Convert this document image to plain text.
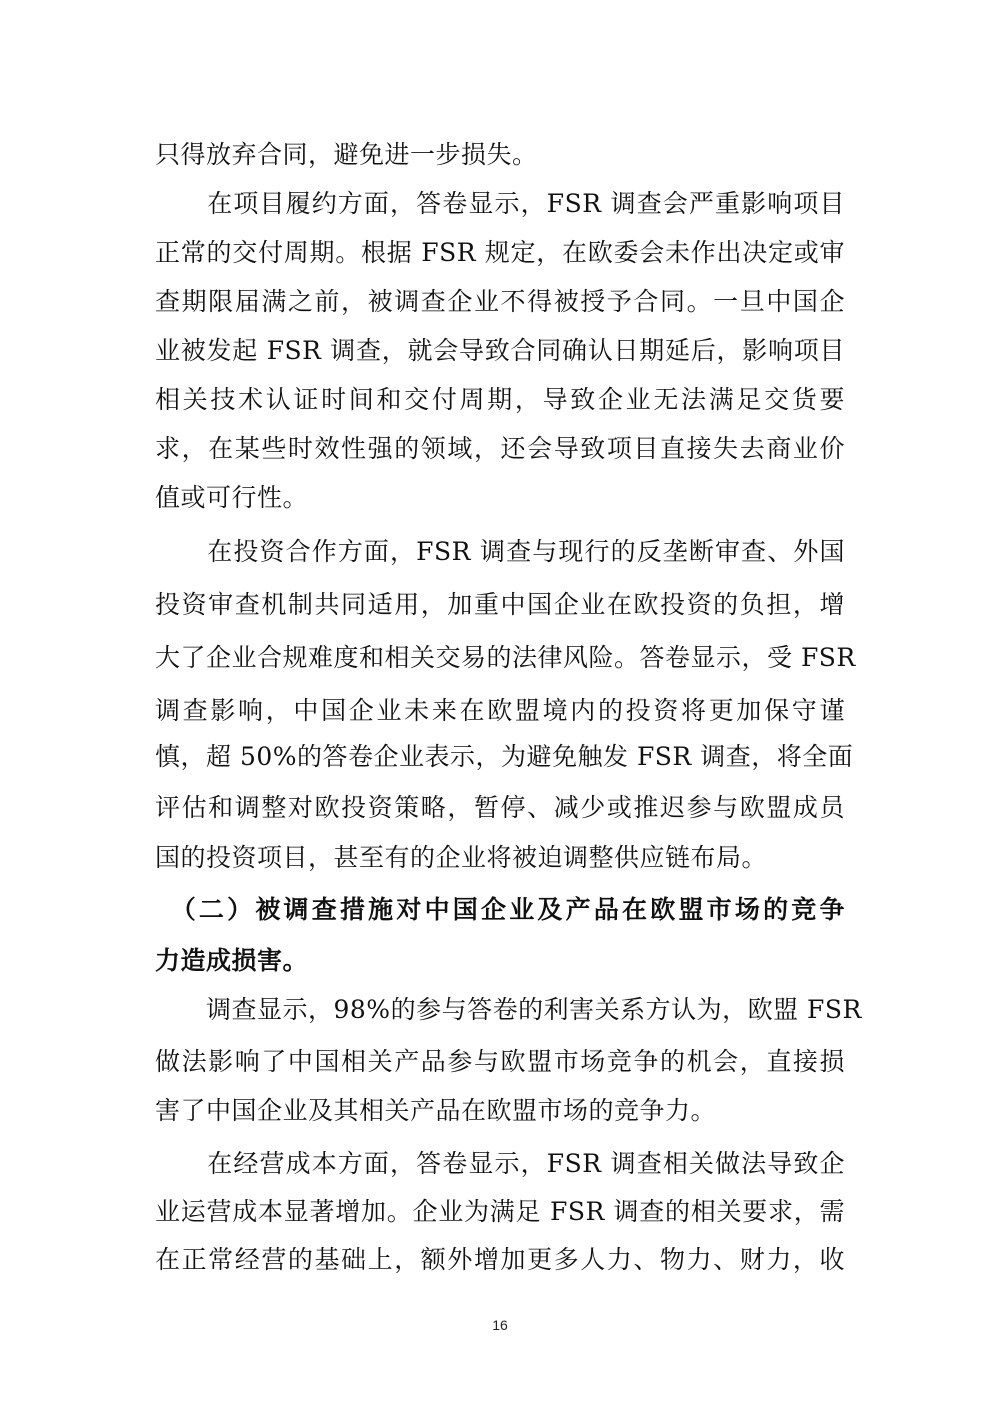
只得放弃合同，避免进一步损失。
　　在项目履约方面，答卷显示，FSR 调查会严重影响项目
正常的交付周期。根据 FSR 规定，在欧委会未作出决定或审
查期限届满之前，被调查企业不得被授予合同。一旦中国企
业被发起 FSR 调查，就会导致合同确认日期延后，影响项目
相关技术认证时间和交付周期，导致企业无法满足交货要
求，在某些时效性强的领域，还会导致项目直接失去商业价
值或可行性。
　　在投资合作方面，FSR 调查与现行的反垄断审查、外国
投资审查机制共同适用，加重中国企业在欧投资的负担，增
大了企业合规难度和相关交易的法律风险。答卷显示，受 FSR
调查影响，中国企业未来在欧盟境内的投资将更加保守谨
慎，超 50%的答卷企业表示，为避免触发 FSR 调查，将全面
评估和调整对欧投资策略，暂停、减少或推迟参与欧盟成员
国的投资项目，甚至有的企业将被迫调整供应链布局。
　（二）被调查措施对中国企业及产品在欧盟市场的竞争
力造成损害。
　　调查显示，98%的参与答卷的利害关系方认为，欧盟 FSR
做法影响了中国相关产品参与欧盟市场竞争的机会，直接损
害了中国企业及其相关产品在欧盟市场的竞争力。
　　在经营成本方面，答卷显示，FSR 调查相关做法导致企
业运营成本显著增加。企业为满足 FSR 调查的相关要求，需
在正常经营的基础上，额外增加更多人力、物力、财力，收
16
